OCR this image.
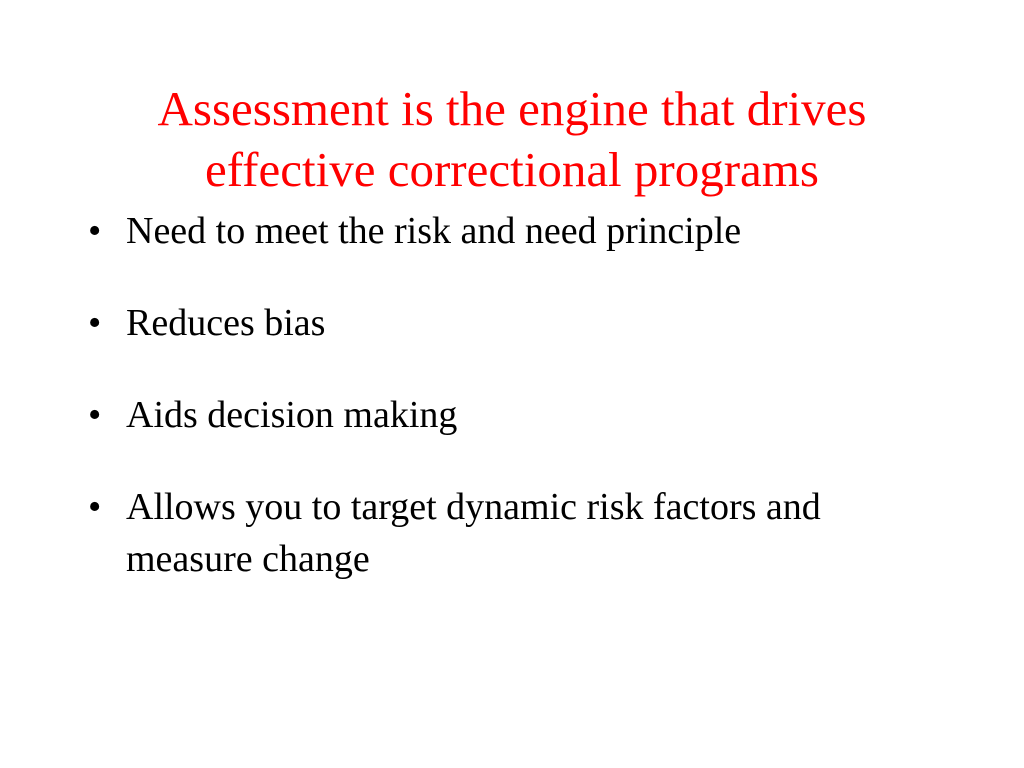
Assessment is the engine that drives
effective correctional programs
• Need to meet the risk and need principle
• Reduces bias
• Aids decision making
• Allows you to target dynamic risk factors and measure change
